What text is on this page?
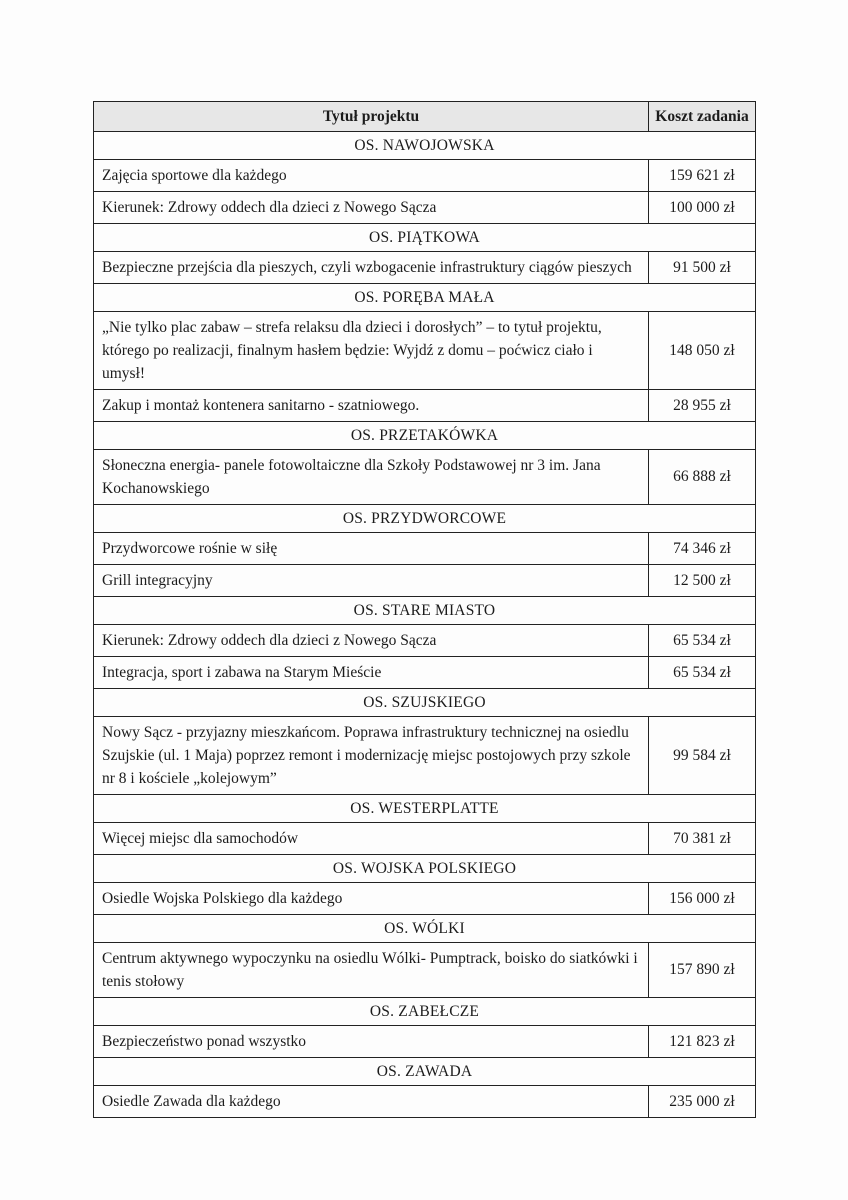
Tytuł projektu	Koszt zadania
OS. NAWOJOWSKA	
Zajęcia sportowe dla każdego	159 621 zł
Kierunek: Zdrowy oddech dla dzieci z Nowego Sącza	100 000 zł
OS. PIĄTKOWA	
Bezpieczne przejścia dla pieszych, czyli wzbogacenie infrastruktury ciągów pieszych	91 500 zł
OS. PORĘBA MAŁA	
„Nie tylko plac zabaw – strefa relaksu dla dzieci i dorosłych” – to tytuł projektu, którego po realizacji, finalnym hasłem będzie: Wyjdź z domu – poćwicz ciało i umysł!	148 050 zł
Zakup i montaż kontenera sanitarno - szatniowego.	28 955 zł
OS. PRZETAKÓWKA	
Słoneczna energia- panele fotowoltaiczne dla Szkoły Podstawowej nr 3 im. Jana Kochanowskiego	66 888 zł
OS. PRZYDWORCOWE	
Przydworcowe rośnie w siłę	74 346 zł
Grill integracyjny	12 500 zł
OS. STARE MIASTO	
Kierunek: Zdrowy oddech dla dzieci z Nowego Sącza	65 534 zł
Integracja, sport i zabawa na Starym Mieście	65 534 zł
OS. SZUJSKIEGO	
Nowy Sącz - przyjazny mieszkańcom. Poprawa infrastruktury technicznej na osiedlu Szujskie (ul. 1 Maja) poprzez remont i modernizację miejsc postojowych przy szkole nr 8 i kościele „kolejowym”	99 584 zł
OS. WESTERPLATTE	
Więcej miejsc dla samochodów	70 381 zł
OS. WOJSKA POLSKIEGO	
Osiedle Wojska Polskiego dla każdego	156 000 zł
OS. WÓLKI	
Centrum aktywnego wypoczynku na osiedlu Wólki- Pumptrack, boisko do siatkówki i tenis stołowy	157 890 zł
OS. ZABEŁCZE	
Bezpieczeństwo ponad wszystko	121 823 zł
OS. ZAWADA	
Osiedle Zawada dla każdego	235 000 zł
